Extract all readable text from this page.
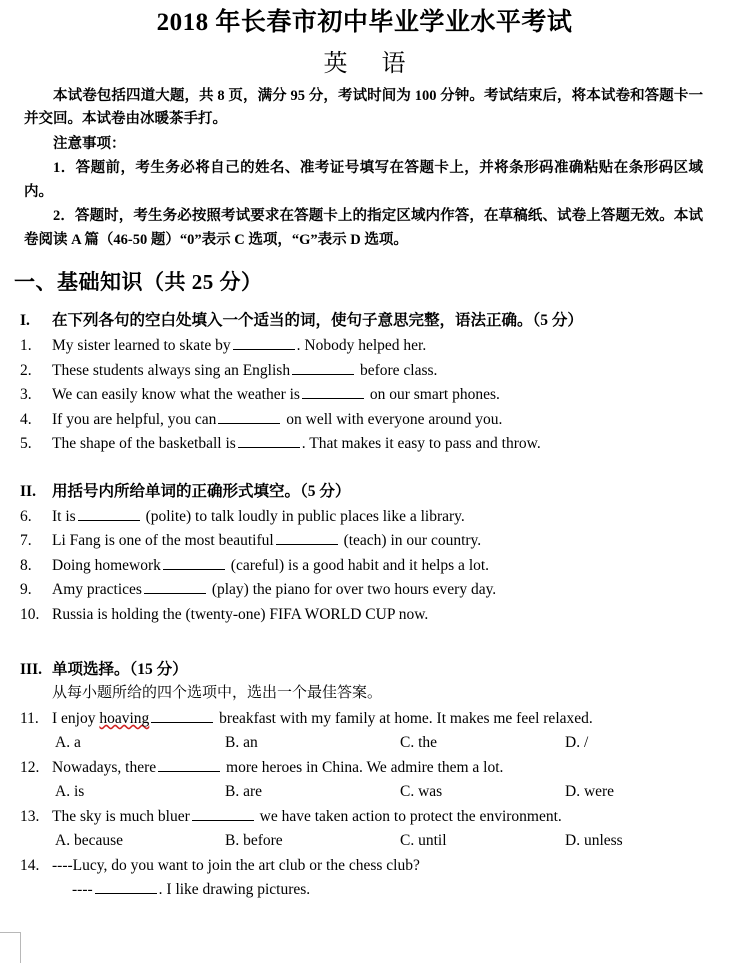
2018 年长春市初中毕业学业水平考试
英 语

本试卷包括四道大题，共 8 页，满分 95 分，考试时间为 100 分钟。考试结束后，将本试卷和答题卡一并交回。本试卷由冰暖茶手打。

注意事项：

1．答题前，考生务必将自己的姓名、准考证号填写在答题卡上，并将条形码准确粘贴在条形码区域内。

2．答题时，考生务必按照考试要求在答题卡上的指定区域内作答，在草稿纸、试卷上答题无效。本试卷阅读 A 篇（46-50 题）“0”表示 C 选项，“G”表示 D 选项。

一、基础知识（共 25 分）
I.	在下列各句的空白处填入一个适当的词，使句子意思完整，语法正确。（5 分）
1.	My sister learned to skate by	. Nobody helped her.
2.	These students always sing an English	before class.
3.	We can easily know what the weather is	on our smart phones.
4.	If you are helpful, you can	on well with everyone around you.
5.	The shape of the basketball is	. That makes it easy to pass and throw.
II.	用括号内所给单词的正确形式填空。（5 分）
6.	It is	(polite) to talk loudly in public places like a library.
7.	Li Fang is one of the most beautiful	(teach) in our country.
8.	Doing homework	(careful) is a good habit and it helps a lot.
9.	Amy practices	(play) the piano for over two hours every day.
10. Russia is holding the (twenty-one) FIFA WORLD CUP now.
III. 单项选择。（15 分）
从每小题所给的四个选项中，选出一个最佳答案。
11. I enjoy hoaving	breakfast with my family at home. It makes me feel relaxed.
A. a	B. an	C. the	D. /
12. Nowadays, there	more heroes in China. We admire them a lot.
A. is	B. are	C. was	D. were
13. The sky is much bluer	we have taken action to protect the environment.
A. because	B. before	C. until	D. unless
14. ----Lucy, do you want to join the art club or the chess club?
----	. I like drawing pictures.
